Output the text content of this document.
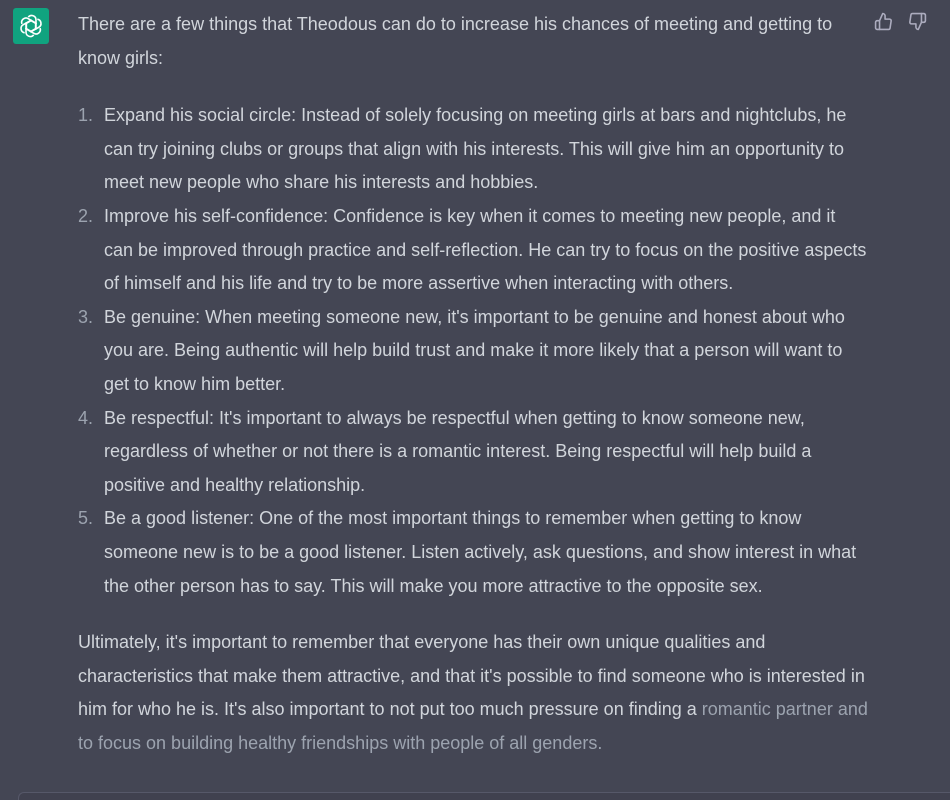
There are a few things that Theodous can do to increase his chances of meeting and getting to know girls:

1. Expand his social circle: Instead of solely focusing on meeting girls at bars and nightclubs, he can try joining clubs or groups that align with his interests. This will give him an opportunity to meet new people who share his interests and hobbies.
2. Improve his self-confidence: Confidence is key when it comes to meeting new people, and it can be improved through practice and self-reflection. He can try to focus on the positive aspects of himself and his life and try to be more assertive when interacting with others.
3. Be genuine: When meeting someone new, it's important to be genuine and honest about who you are. Being authentic will help build trust and make it more likely that a person will want to get to know him better.
4. Be respectful: It's important to always be respectful when getting to know someone new, regardless of whether or not there is a romantic interest. Being respectful will help build a positive and healthy relationship.
5. Be a good listener: One of the most important things to remember when getting to know someone new is to be a good listener. Listen actively, ask questions, and show interest in what the other person has to say. This will make you more attractive to the opposite sex.

Ultimately, it's important to remember that everyone has their own unique qualities and characteristics that make them attractive, and that it's possible to find someone who is interested in him for who he is. It's also important to not put too much pressure on finding a romantic partner and to focus on building healthy friendships with people of all genders.
